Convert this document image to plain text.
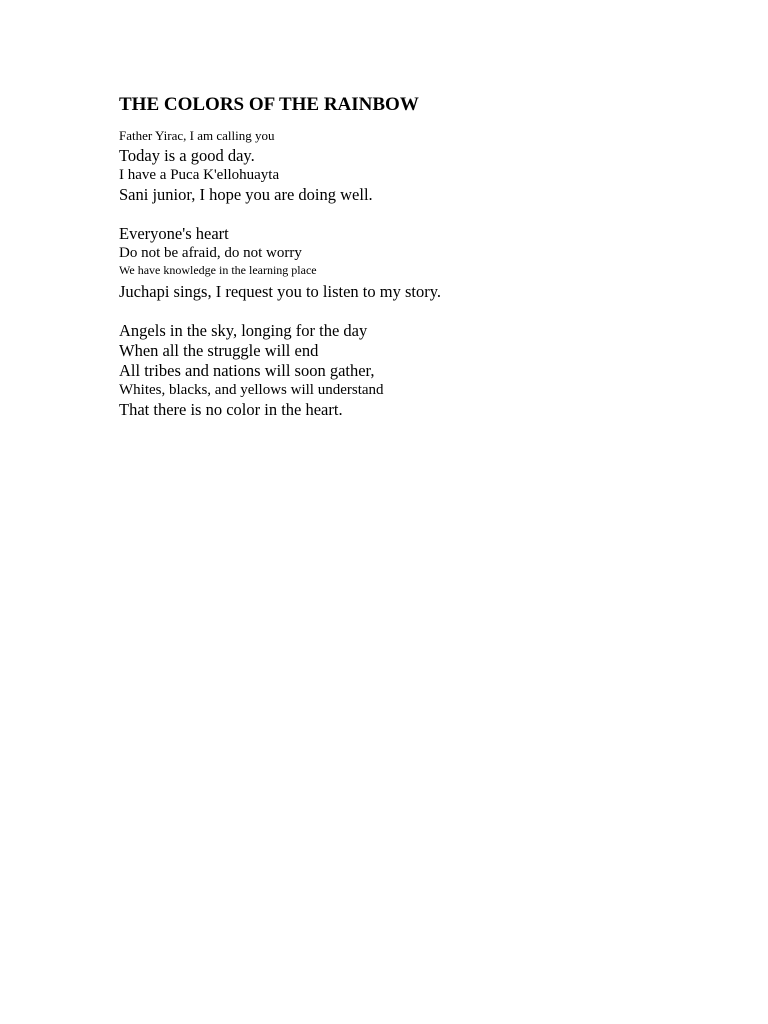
THE COLORS OF THE RAINBOW
Father Yirac, I am calling you
Today is a good day.
I have a Puca K'ellohuayta
Sani junior, I hope you are doing well.
Everyone's heart
Do not be afraid, do not worry
We have knowledge in the learning place
Juchapi sings, I request you to listen to my story.
Angels in the sky, longing for the day
When all the struggle will end
All tribes and nations will soon gather,
Whites, blacks, and yellows will understand
That there is no color in the heart.
